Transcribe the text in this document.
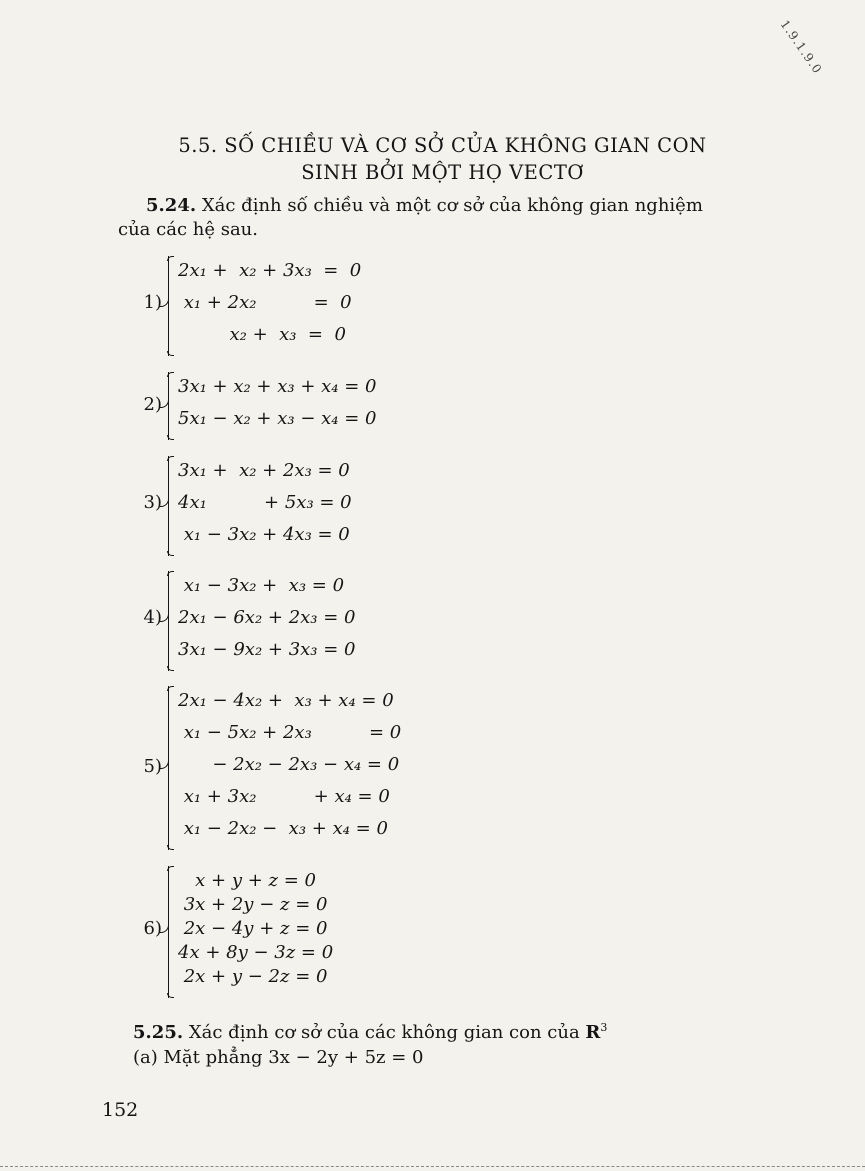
1.9.1.9.0
5.5. SỐ CHIỀU VÀ CƠ SỞ CỦA KHÔNG GIAN CON
SINH BỞI MỘT HỌ VECTƠ
5.24. Xác định số chiều và một cơ sở của không gian nghiệm
của các hệ sau.
1)
2x₁ +  x₂ + 3x₃  =  0
x₁ + 2x₂          =  0
x₂ +  x₃  =  0
2)
3x₁ + x₂ + x₃ + x₄ = 0
5x₁ − x₂ + x₃ − x₄ = 0
3)
3x₁ +  x₂ + 2x₃ = 0
4x₁          + 5x₃ = 0
x₁ − 3x₂ + 4x₃ = 0
4)
x₁ − 3x₂ +  x₃ = 0
2x₁ − 6x₂ + 2x₃ = 0
3x₁ − 9x₂ + 3x₃ = 0
5)
2x₁ − 4x₂ +  x₃ + x₄ = 0
x₁ − 5x₂ + 2x₃          = 0
− 2x₂ − 2x₃ − x₄ = 0
x₁ + 3x₂          + x₄ = 0
x₁ − 2x₂ −  x₃ + x₄ = 0
6)
x + y + z = 0
3x + 2y − z = 0
2x − 4y + z = 0
4x + 8y − 3z = 0
2x + y − 2z = 0
5.25. Xác định cơ sở của các không gian con của $R^3$
(a) Mặt phẳng 3x − 2y + 5z = 0
152
